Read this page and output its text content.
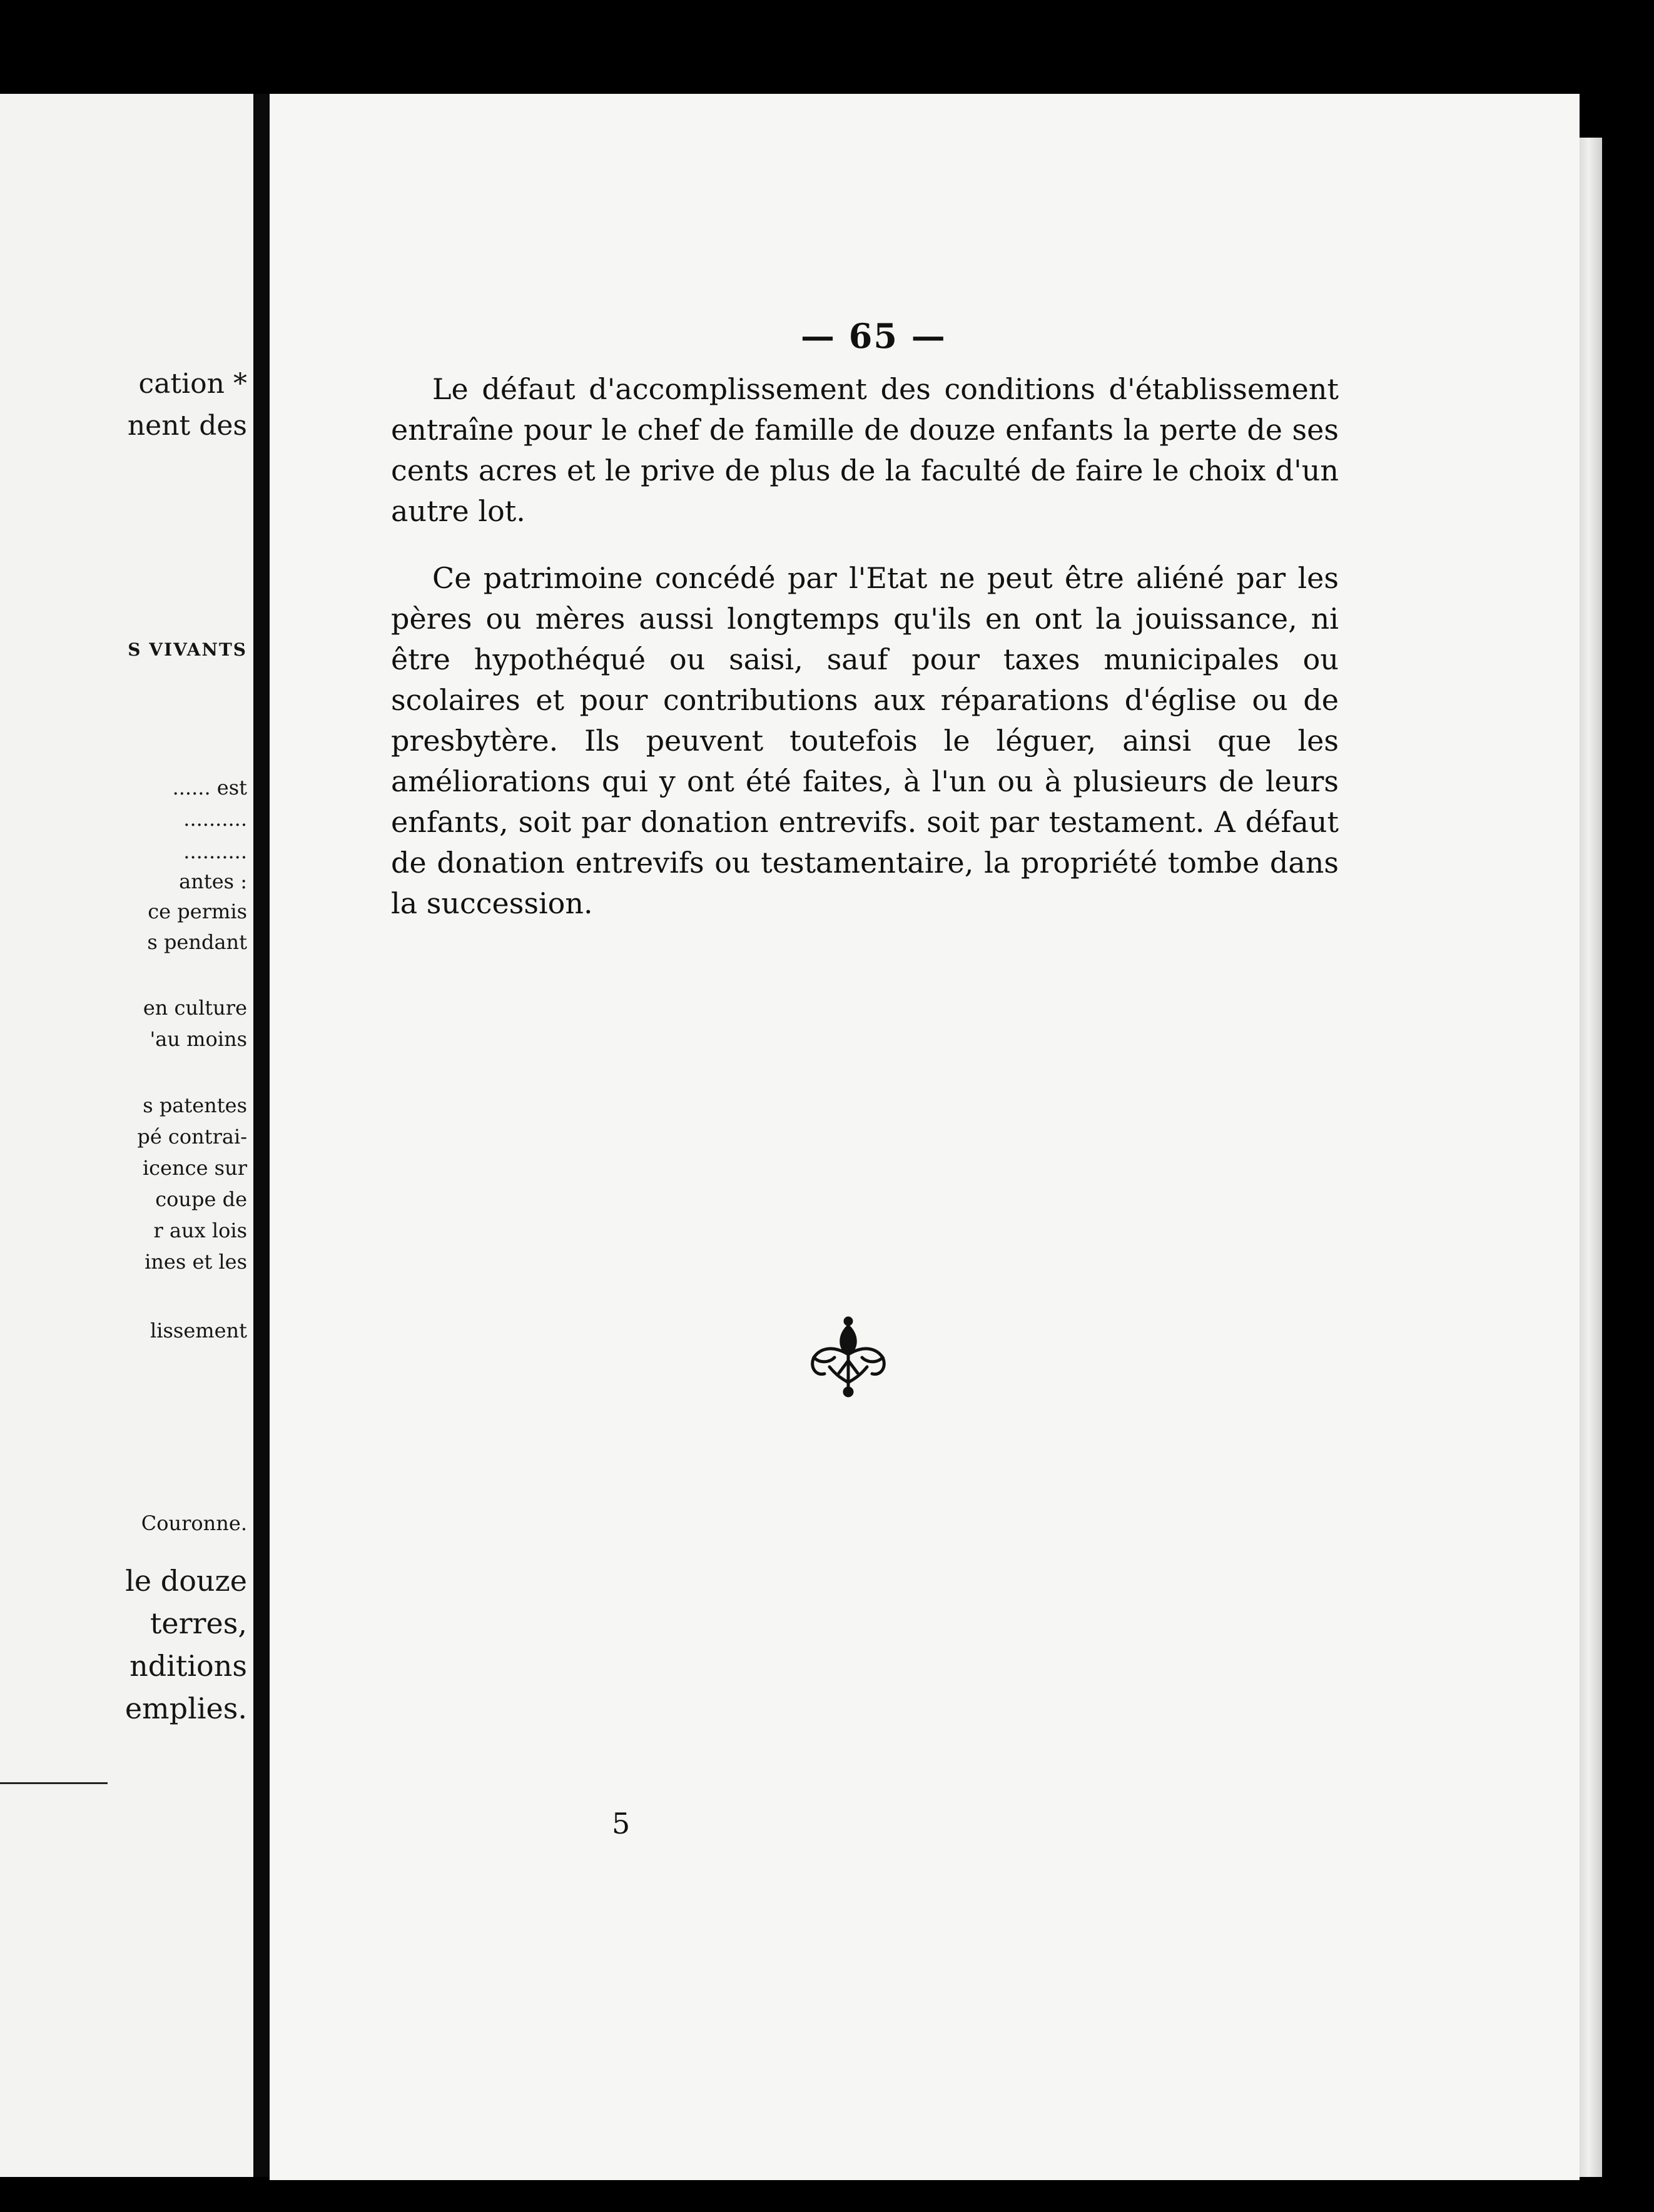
cation *
nent des
S VIVANTS
...... est
..........
..........
antes :
ce permis
s pendant
en culture
'au moins
s patentes
pé contrai-
icence sur
coupe de
r aux lois
ines et les
lissement
Couronne.
le douze
terres,
nditions
emplies.
— 65 —

Le défaut d'accomplissement des conditions d'établissement entraîne pour le chef de famille de douze enfants la perte de ses cents acres et le prive de plus de la faculté de faire le choix d'un autre lot.

Ce patrimoine concédé par l'Etat ne peut être aliéné par les pères ou mères aussi longtemps qu'ils en ont la jouissance, ni être hypothéqué ou saisi, sauf pour taxes municipales ou scolaires et pour contributions aux réparations d'église ou de presbytère. Ils peuvent toutefois le léguer, ainsi que les améliorations qui y ont été faites, à l'un ou à plusieurs de leurs enfants, soit par donation entrevifs. soit par testament. A défaut de donation entrevifs ou testamentaire, la propriété tombe dans la succession.

5
